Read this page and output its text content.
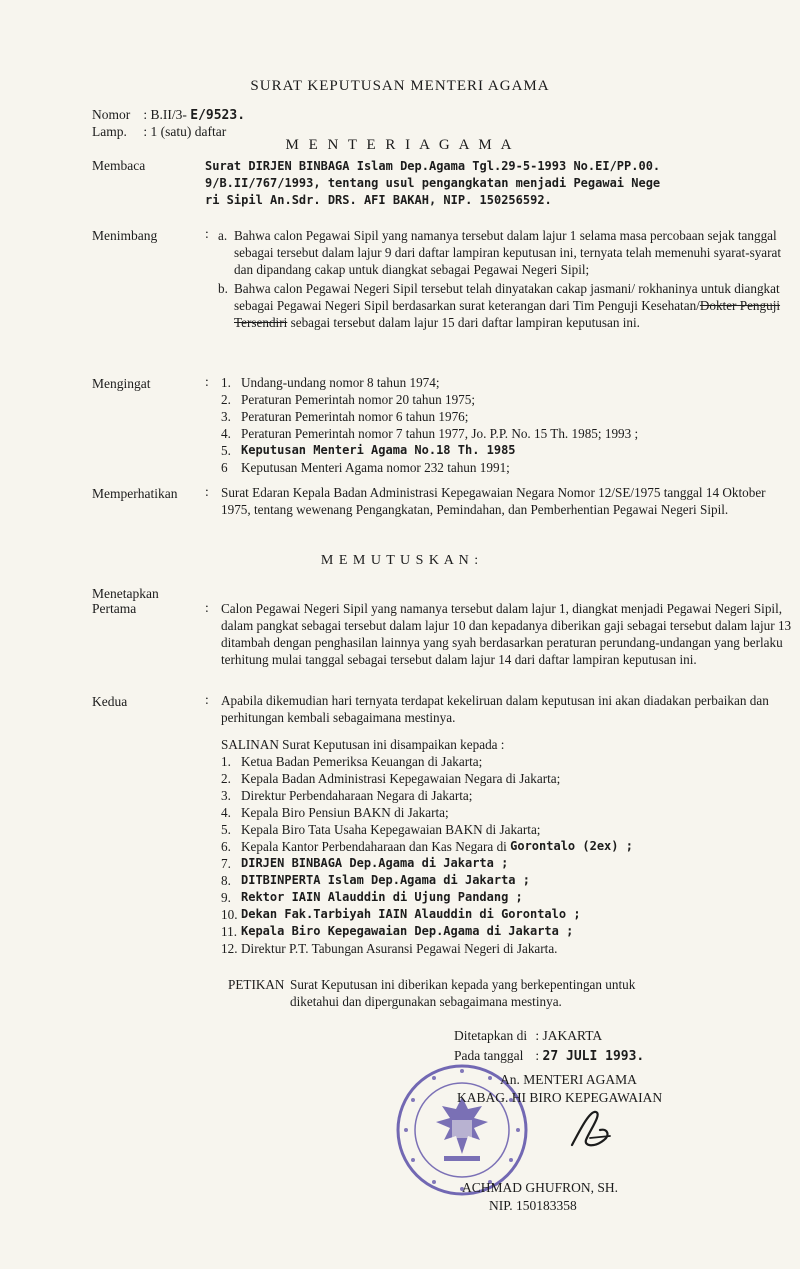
SURAT KEPUTUSAN MENTERI AGAMA
Nomor : B.II/3- E/9523.
Lamp. : 1 (satu) daftar
M E N T E R I A G A M A
Membaca	Surat DIRJEN BINBAGA Islam Dep.Agama Tgl.29-5-1993 No.EI/PP.00.
9/B.II/767/1993, tentang usul pengangkatan menjadi Pegawai Nege
ri Sipil An.Sdr. DRS. AFI BAKAH, NIP. 150256592.
Menimbang	: a. Bahwa calon Pegawai Sipil yang namanya tersebut dalam lajur 1 selama masa percobaan sejak tanggal sebagai tersebut dalam lajur 9 dari daftar lampiran keputusan ini, ternyata telah memenuhi syarat-syarat dan dipandang cakap untuk diangkat sebagai Pegawai Negeri Sipil;
b. Bahwa calon Pegawai Negeri Sipil tersebut telah dinyatakan cakap jasmani/ rokhaninya untuk diangkat sebagai Pegawai Negeri Sipil berdasarkan surat keterangan dari Tim Penguji Kesehatan/Dokter Penguji Tersendiri sebagai tersebut dalam lajur 15 dari daftar lampiran keputusan ini.
Mengingat	: 1. Undang-undang nomor 8 tahun 1974;
2. Peraturan Pemerintah nomor 20 tahun 1975;
3. Peraturan Pemerintah nomor 6 tahun 1976;
4. Peraturan Pemerintah nomor 7 tahun 1977, Jo. P.P. No. 15 Th. 1985; 1993 ;
5. Keputusan Menteri Agama No.18 Th. 1985
6	Keputusan Menteri Agama nomor 232 tahun 1991;
Memperhatikan : Surat Edaran Kepala Badan Administrasi Kepegawaian Negara Nomor 12/SE/1975 tanggal 14 Oktober 1975, tentang wewenang Pengangkatan, Pemindahan, dan Pemberhentian Pegawai Negeri Sipil.
M E M U T U S K A N :
Menetapkan
Pertama	: Calon Pegawai Negeri Sipil yang namanya tersebut dalam lajur 1, diangkat menjadi Pegawai Negeri Sipil, dalam pangkat sebagai tersebut dalam lajur 10 dan kepadanya diberikan gaji sebagai tersebut dalam lajur 13 ditambah dengan penghasilan lainnya yang syah berdasarkan peraturan perundang-undangan yang berlaku terhitung mulai tanggal sebagai tersebut dalam lajur 14 dari daftar lampiran keputusan ini.
Kedua	: Apabila dikemudian hari ternyata terdapat kekeliruan dalam keputusan ini akan diadakan perbaikan dan perhitungan kembali sebagaimana mestinya.
SALINAN Surat Keputusan ini disampaikan kepada :
1. Ketua Badan Pemeriksa Keuangan di Jakarta;
2. Kepala Badan Administrasi Kepegawaian Negara di Jakarta;
3. Direktur Perbendaharaan Negara di Jakarta;
4. Kepala Biro Pensiun BAKN di Jakarta;
5. Kepala Biro Tata Usaha Kepegawaian BAKN di Jakarta;
6. Kepala Kantor Perbendaharaan dan Kas Negara di
Gorontalo (2ex) ;
7. DIRJEN BINBAGA Dep.Agama di Jakarta ;
8. DITBINPERTA Islam Dep.Agama di Jakarta ;
9. Rektor IAIN Alauddin di Ujung Pandang ;
10. Dekan Fak.Tarbiyah IAIN Alauddin di Gorontalo ;
11. Kepala Biro Kepegawaian Dep.Agama di Jakarta ;
12. Direktur P.T. Tabungan Asuransi Pegawai Negeri di Jakarta.
PETIKAN Surat Keputusan ini diberikan kepada yang berkepentingan untuk
diketahui dan dipergunakan sebagaimana mestinya.
Ditetapkan di : JAKARTA
Pada tanggal : 27 JULI 1993.
An. MENTERI AGAMA
KABAG. HI BIRO KEPEGAWAIAN
ACHMAD GHUFRON, SH.
NIP. 150183358
